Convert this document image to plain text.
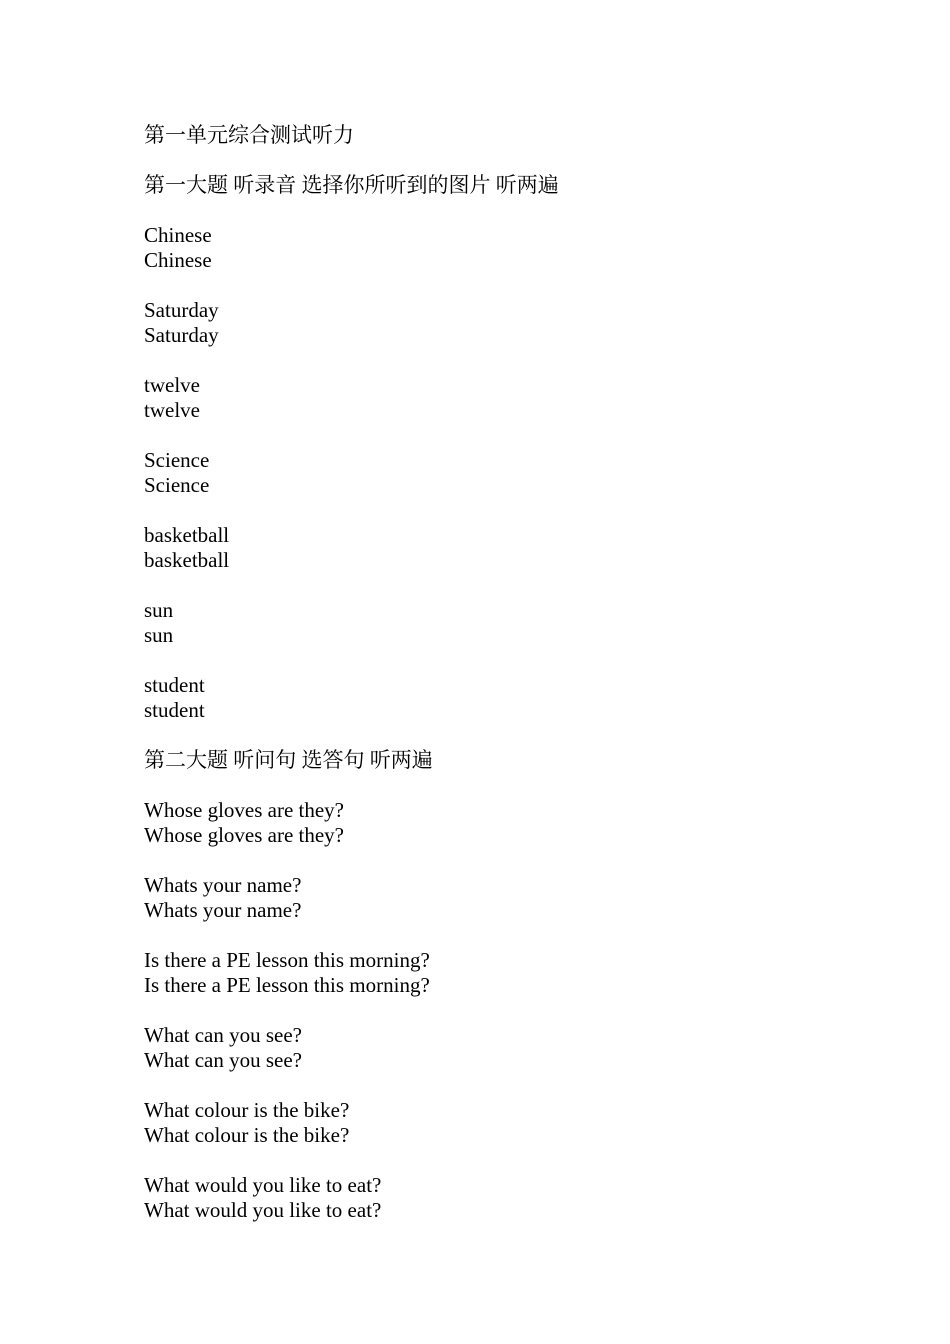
第一单元综合测试听力
第一大题 听录音 选择你所听到的图片 听两遍
Chinese
Chinese
Saturday
Saturday
twelve
twelve
Science
Science
basketball
basketball
sun
sun
student
student
第二大题 听问句 选答句 听两遍
Whose gloves are they?
Whose gloves are they?
Whats your name?
Whats your name?
Is there a PE lesson this morning?
Is there a PE lesson this morning?
What can you see?
What can you see?
What colour is the bike?
What colour is the bike?
What would you like to eat?
What would you like to eat?
